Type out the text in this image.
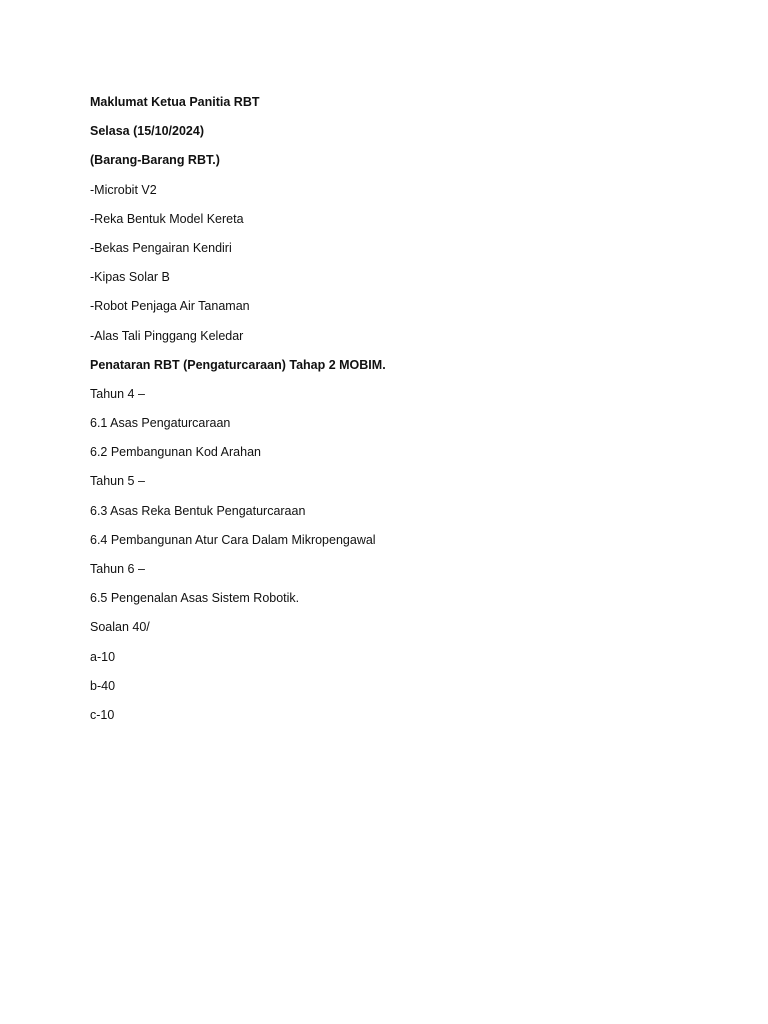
Maklumat Ketua Panitia RBT
Selasa (15/10/2024)
(Barang-Barang RBT.)
-Microbit V2
-Reka Bentuk Model Kereta
-Bekas Pengairan Kendiri
-Kipas Solar B
-Robot Penjaga Air Tanaman
-Alas Tali Pinggang Keledar
Penataran RBT (Pengaturcaraan) Tahap 2 MOBIM.
Tahun 4 –
6.1 Asas Pengaturcaraan
6.2 Pembangunan Kod Arahan
Tahun 5 –
6.3 Asas Reka Bentuk Pengaturcaraan
6.4 Pembangunan Atur Cara Dalam Mikropengawal
Tahun 6 –
6.5 Pengenalan Asas Sistem Robotik.
Soalan 40/
a-10
b-40
c-10
